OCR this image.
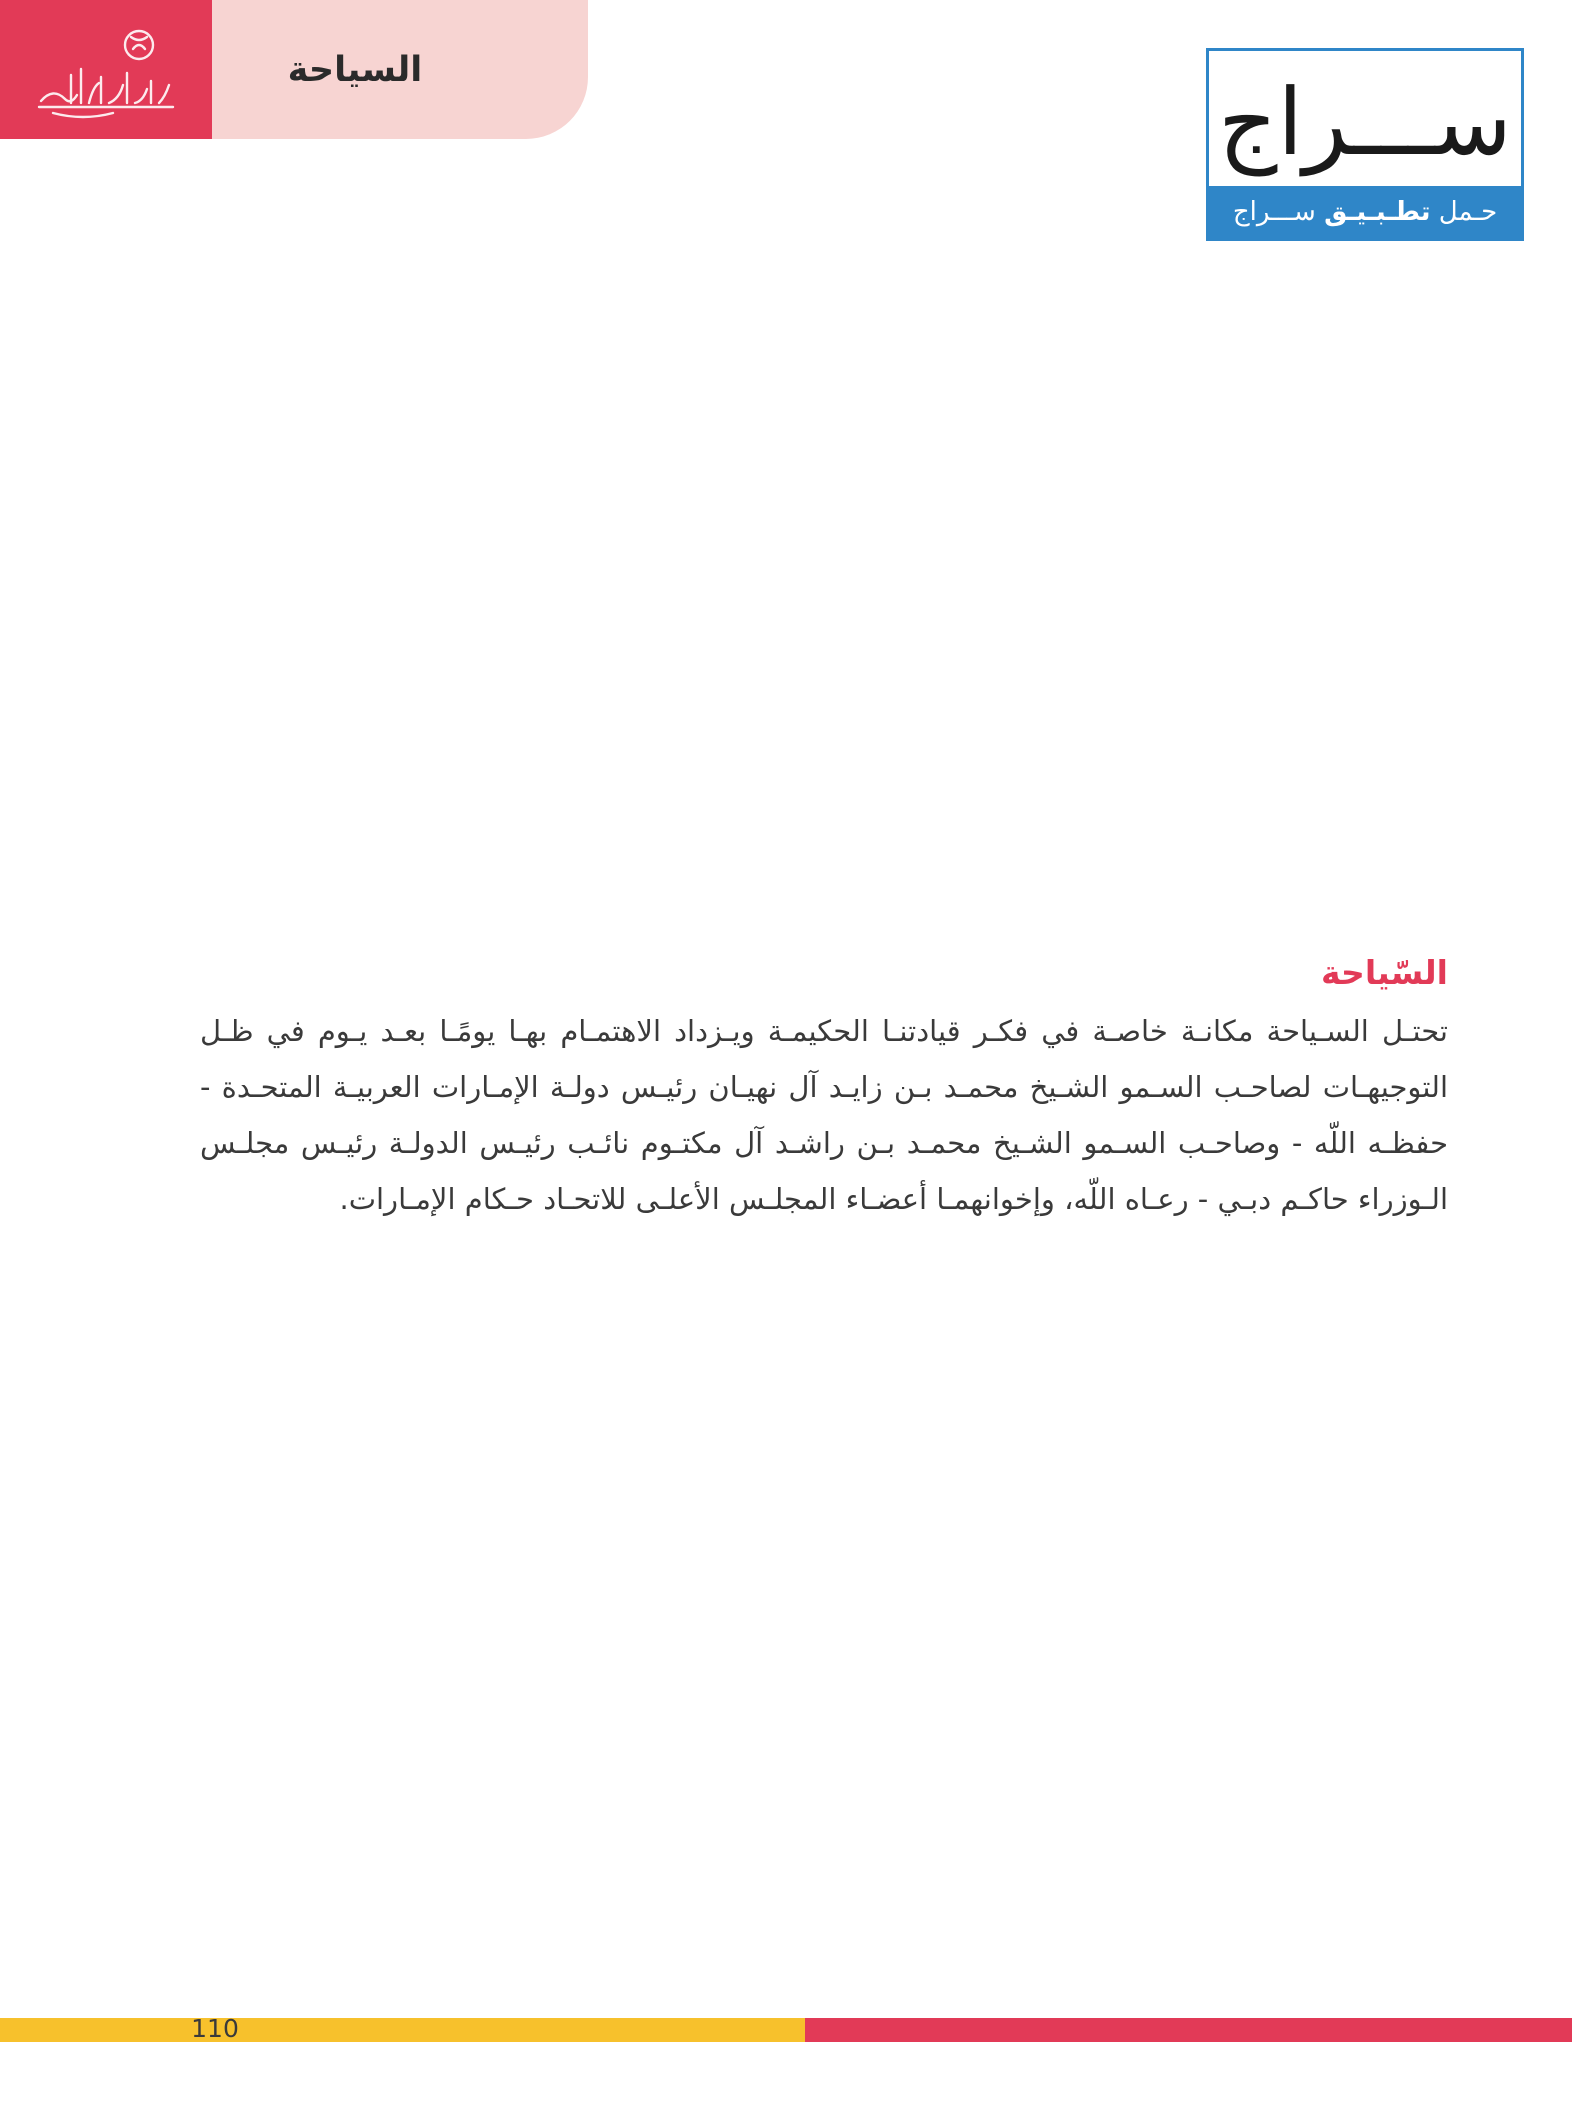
السياحة	ســـراج
حـمل تطـبـيـق ســـراج
السّياحة

تحتـل السـياحة مكانـة خاصـة في فكـر قيادتنـا الحكيمـة ويـزداد الاهتمـام بهـا يومًـا بعـد يـوم في ظـل التوجيهـات لصاحـب السـمو الشـيخ محمـد بـن زايـد آل نهيـان رئيـس دولـة الإمـارات العربيـة المتحـدة - حفظـه اللّه - وصاحـب السـمو الشـيخ محمـد بـن راشـد آل مكتـوم نائـب رئيـس الدولـة رئيـس مجلـس الـوزراء حاكـم دبـي - رعـاه اللّه، وإخوانهمـا أعضـاء المجلـس الأعلـى للاتحـاد حـكام الإمـارات.

110
